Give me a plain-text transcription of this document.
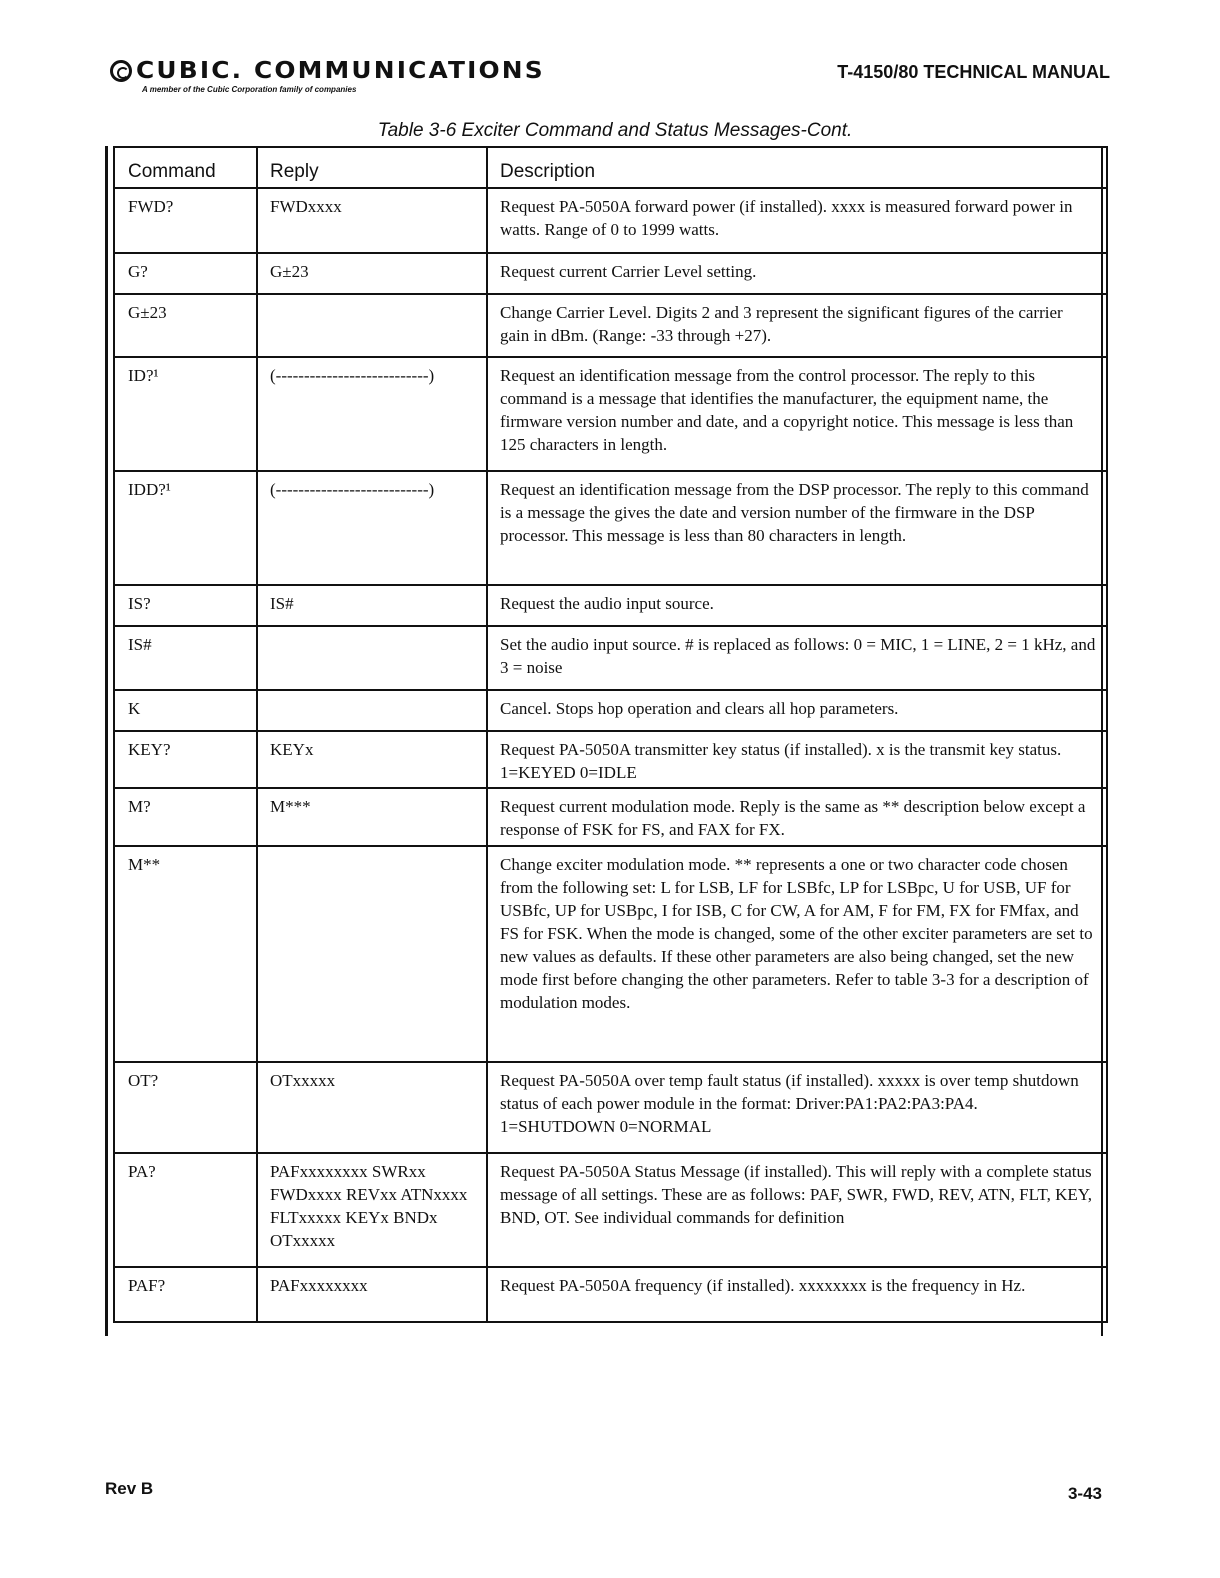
CUBIC. COMMUNICATIONS
A member of the Cubic Corporation family of companies
T-4150/80 TECHNICAL MANUAL
Table 3-6 Exciter Command and Status Messages-Cont.
Command	Reply	Description
FWD?	FWDxxxx	Request PA-5050A forward power (if installed). xxxx is measured forward power in watts. Range of 0 to 1999 watts.
G?	G±23	Request current Carrier Level setting.
G±23		Change Carrier Level. Digits 2 and 3 represent the significant figures of the carrier gain in dBm. (Range: -33 through +27).
ID?¹	(---------------------------)	Request an identification message from the control processor. The reply to this command is a message that identifies the manufacturer, the equipment name, the firmware version number and date, and a copyright notice. This message is less than 125 characters in length.
IDD?¹	(---------------------------)	Request an identification message from the DSP processor. The reply to this command is a message the gives the date and version number of the firmware in the DSP processor. This message is less than 80 characters in length.
IS?	IS#	Request the audio input source.
IS#		Set the audio input source. # is replaced as follows: 0 = MIC, 1 = LINE, 2 = 1 kHz, and 3 = noise
K		Cancel. Stops hop operation and clears all hop parameters.
KEY?	KEYx	Request PA-5050A transmitter key status (if installed). x is the transmit key status. 1=KEYED 0=IDLE
M?	M***	Request current modulation mode. Reply is the same as ** description below except a response of FSK for FS, and FAX for FX.
M**		Change exciter modulation mode. ** represents a one or two character code chosen from the following set: L for LSB, LF for LSBfc, LP for LSBpc, U for USB, UF for USBfc, UP for USBpc, I for ISB, C for CW, A for AM, F for FM, FX for FMfax, and FS for FSK. When the mode is changed, some of the other exciter parameters are set to new values as defaults. If these other parameters are also being changed, set the new mode first before changing the other parameters. Refer to table 3-3 for a description of modulation modes.
OT?	OTxxxxx	Request PA-5050A over temp fault status (if installed). xxxxx is over temp shutdown status of each power module in the format: Driver:PA1:PA2:PA3:PA4. 1=SHUTDOWN 0=NORMAL
PA?	PAFxxxxxxxx SWRxx FWDxxxx REVxx ATNxxxx FLTxxxxx KEYx BNDx OTxxxxx	Request PA-5050A Status Message (if installed). This will reply with a complete status message of all settings. These are as follows: PAF, SWR, FWD, REV, ATN, FLT, KEY, BND, OT. See individual commands for definition
PAF?	PAFxxxxxxxx	Request PA-5050A frequency (if installed). xxxxxxxx is the frequency in Hz.
Rev B	3-43
